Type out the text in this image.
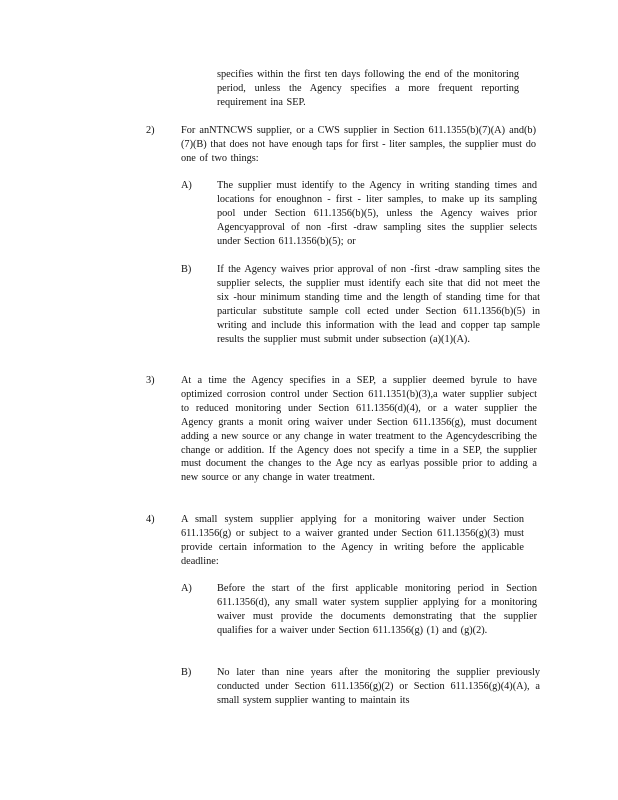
specifies within the first ten days following the end of the monitoring period, unless the Agency specifies a more frequent reporting requirement ina SEP.
2)	For anNTNCWS supplier, or a CWS supplier in Section 611.1355(b)(7)(A) and(b)(7)(B) that does not have enough taps for first - liter samples, the supplier must do one of two things:
A) The supplier must identify to the Agency in writing standing times and locations for enoughnon - first - liter samples, to make up its sampling pool under Section 611.1356(b)(5), unless the Agency waives prior Agencyapproval of non -first -draw sampling sites the supplier selects under Section 611.1356(b)(5); or
B) If the Agency waives prior approval of non -first -draw sampling sites the supplier selects, the supplier must identify each site that did not meet the six -hour minimum standing time and the length of standing time for that particular substitute sample coll ected under Section 611.1356(b)(5) in writing and include this information with the lead and copper tap sample results the supplier must submit under subsection (a)(1)(A).
3)	At a time the Agency specifies in a SEP, a supplier deemed byrule to have optimized corrosion control under Section 611.1351(b)(3),a water supplier subject to reduced monitoring under Section 611.1356(d)(4), or a water supplier the Agency grants a monit oring waiver under Section 611.1356(g), must document adding a new source or any change in water treatment to the Agencydescribing the change or addition. If the Agency does not specify a time in a SEP, the supplier must document the changes to the Age ncy as earlyas possible prior to adding a new source or any change in water treatment.
4)	A small system supplier applying for a monitoring waiver under Section 611.1356(g) or subject to a waiver granted under Section 611.1356(g)(3) must provide certain information to the Agency in writing before the applicable deadline:
A) Before the start of the first applicable monitoring period in Section 611.1356(d), any small water system supplier applying for a monitoring waiver must provide the documents demonstrating that the supplier qualifies for a waiver under Section 611.1356(g) (1) and (g)(2).
B) No later than nine years after the monitoring the supplier previously conducted under Section 611.1356(g)(2) or Section 611.1356(g)(4)(A), a small system supplier wanting to maintain its
